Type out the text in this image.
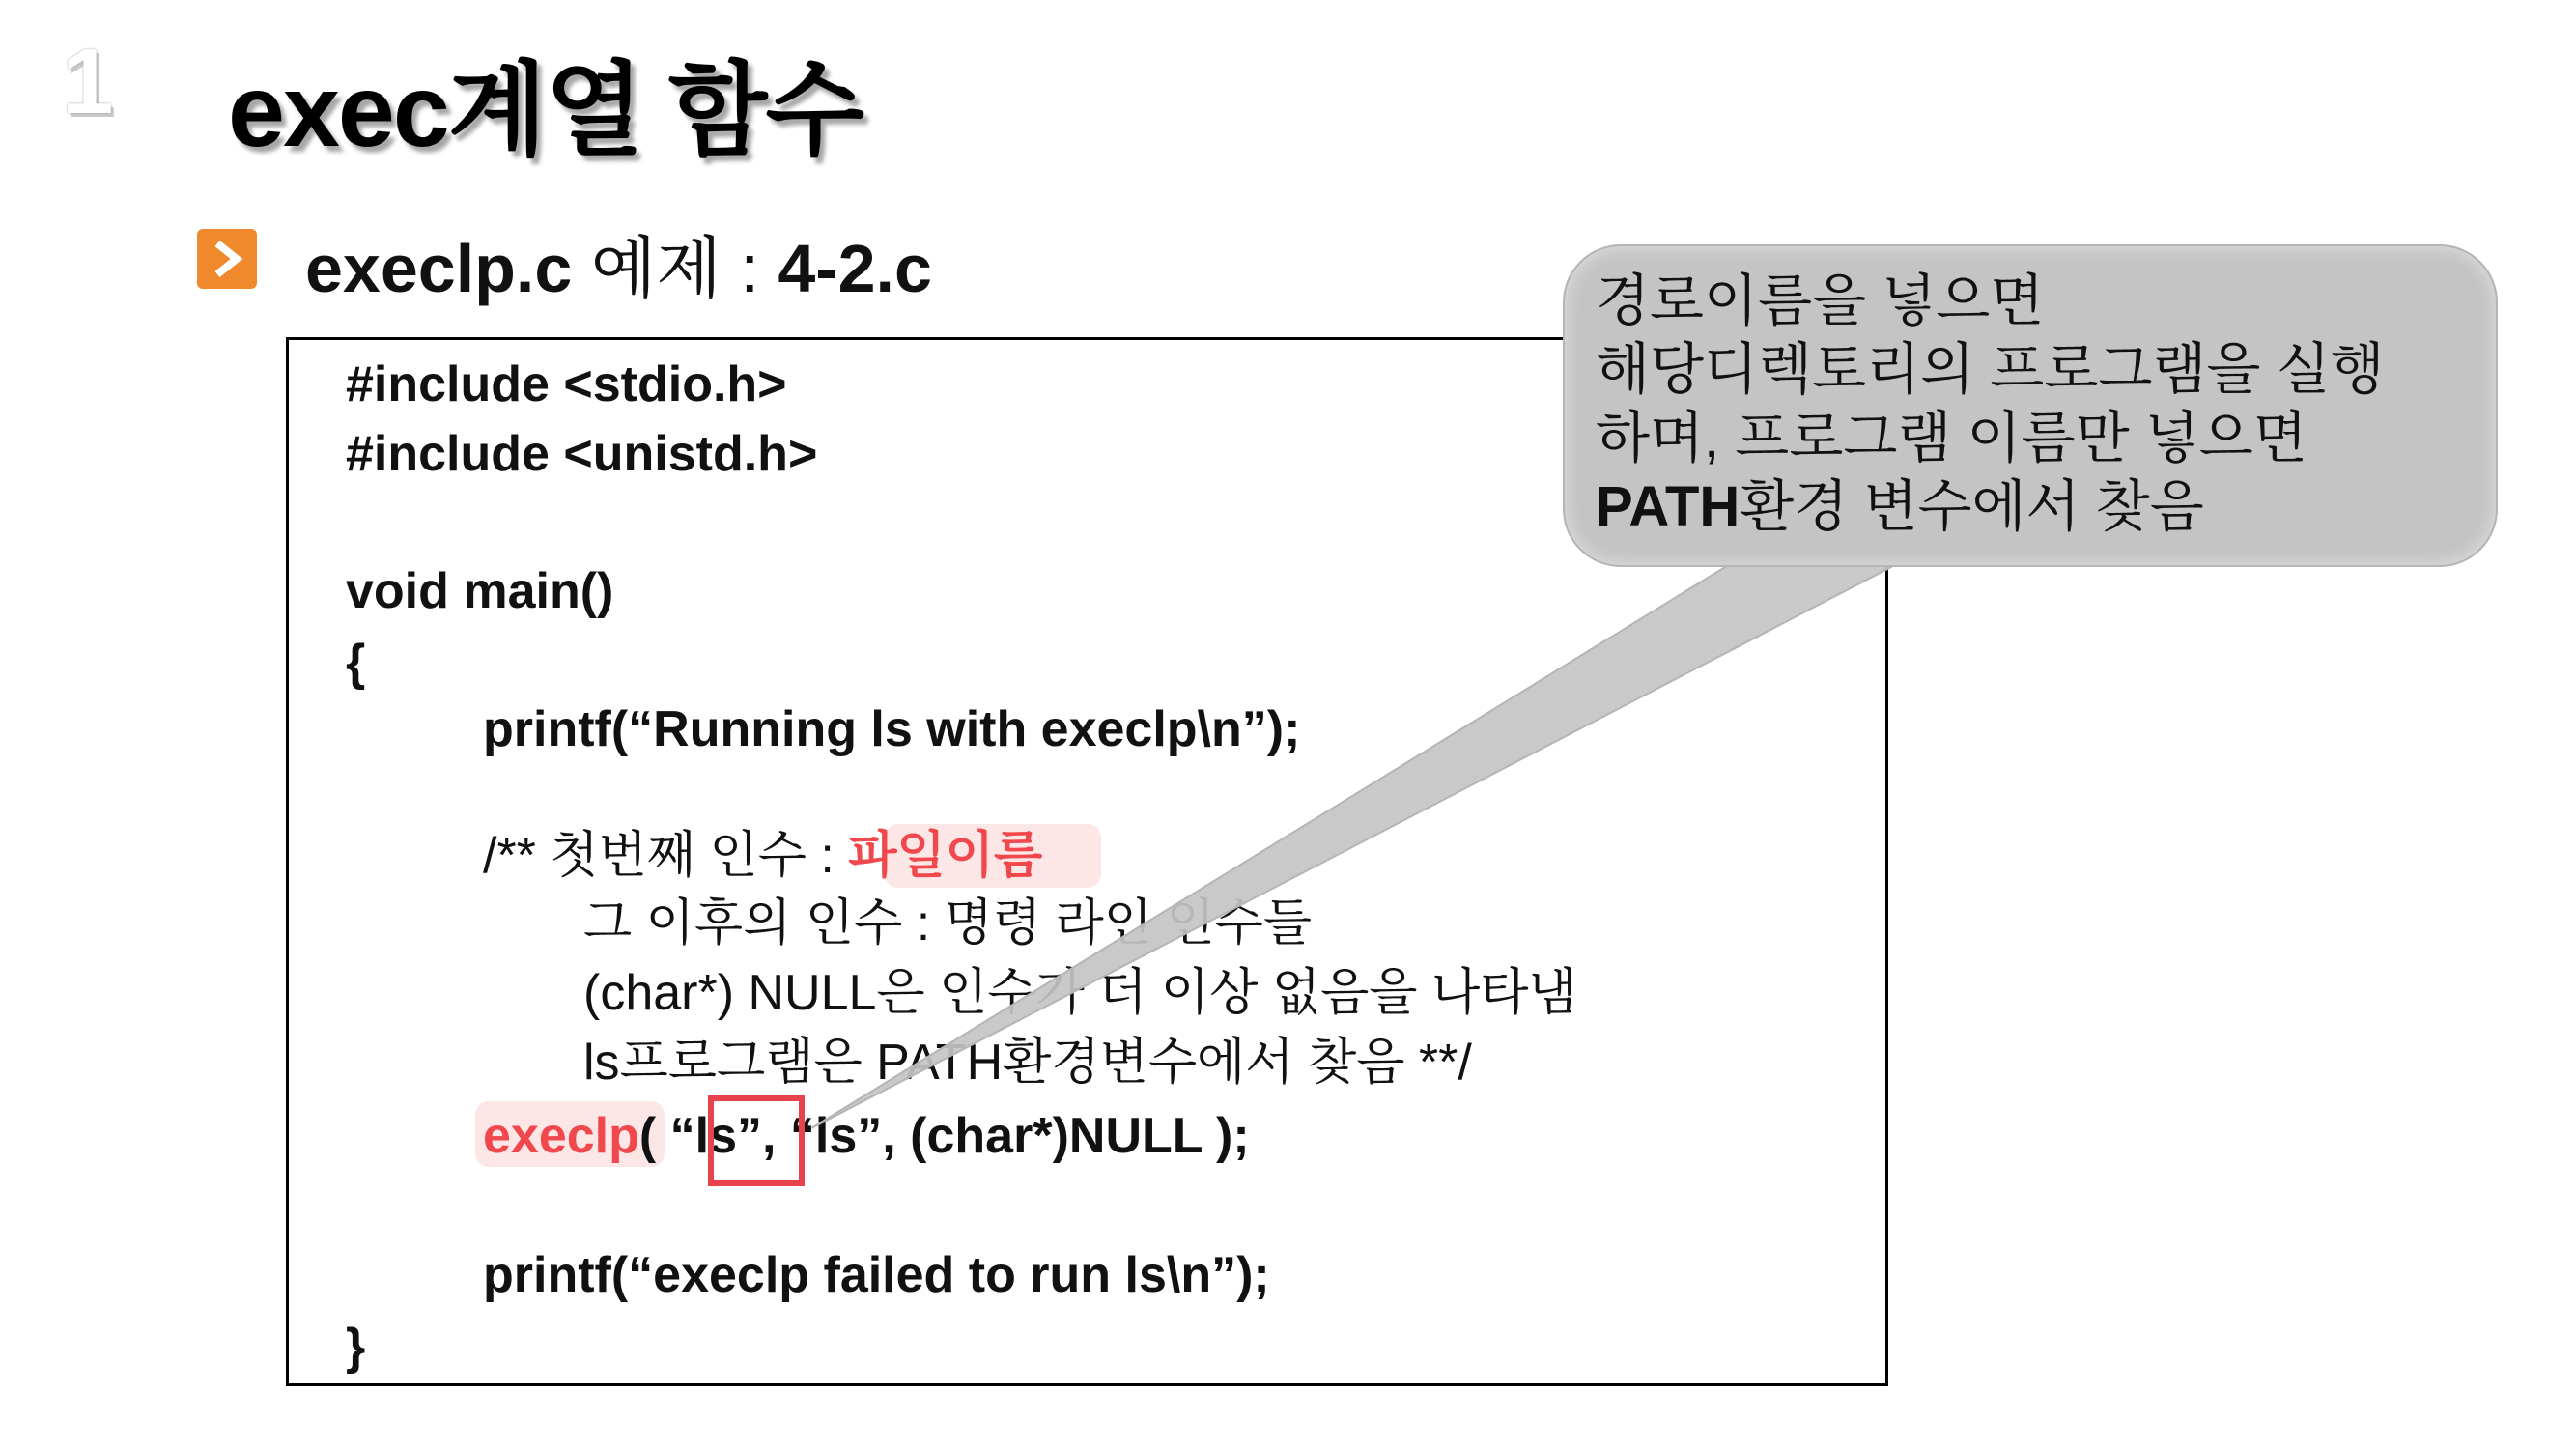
1 exec계열 함수
execlp.c 예제 : 4-2.c
#include <stdio.h>
#include <unistd.h>
void main()
{
printf(“Running ls with execlp\n”);
/** 첫번째 인수 : 파일이름
그 이후의 인수 : 명령 라인 인수들
(char*) NULL은 인수가 더 이상 없음을 나타냄
ls프로그램은 PATH환경변수에서 찾음 **/
execlp( “ls”, “ls”, (char*)NULL );
printf(“execlp failed to run ls\n”);
}
경로이름을 넣으면
해당디렉토리의 프로그램을 실행
하며, 프로그램 이름만 넣으면
PATH환경 변수에서 찾음
